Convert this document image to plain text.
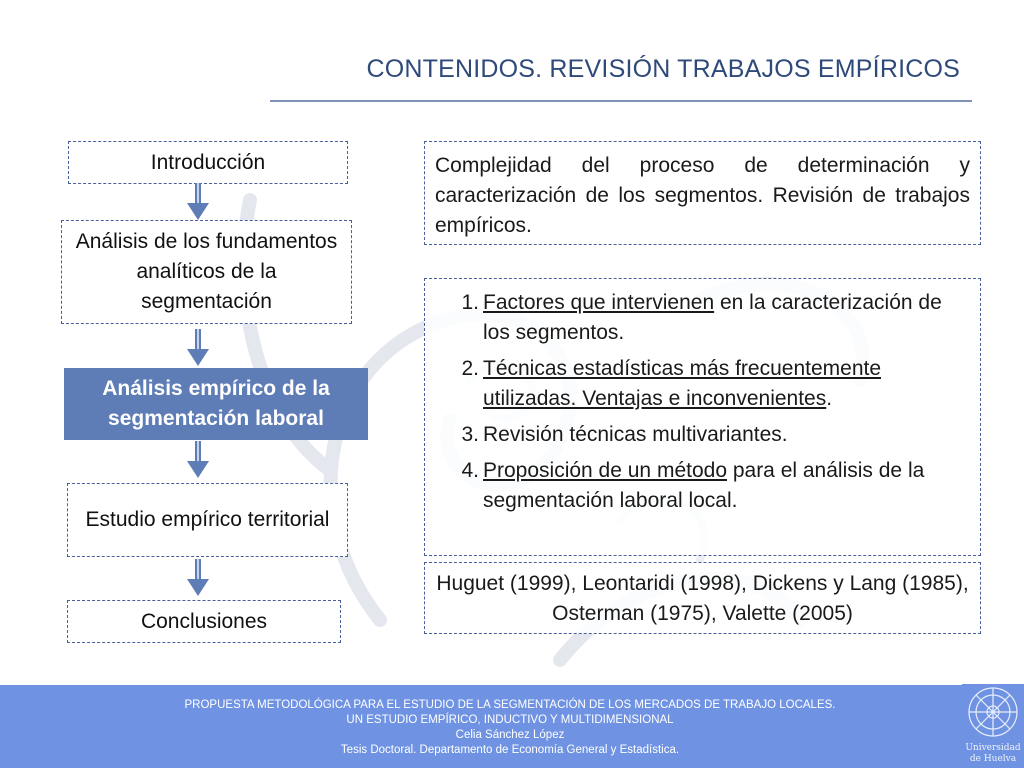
CONTENIDOS. REVISIÓN TRABAJOS EMPÍRICOS
Introducción
Análisis de los fundamentos analíticos de la segmentación
Análisis empírico de la segmentación laboral
Estudio empírico territorial
Conclusiones
Complejidad del proceso de determinación y caracterización de los segmentos. Revisión de trabajos empíricos.
1. Factores que intervienen en la caracterización de los segmentos.
2. Técnicas estadísticas más frecuentemente utilizadas. Ventajas e inconvenientes.
3. Revisión técnicas multivariantes.
4. Proposición de un método para el análisis de la segmentación laboral local.
Huguet (1999), Leontaridi (1998), Dickens y Lang (1985), Osterman (1975), Valette (2005)
PROPUESTA METODOLÓGICA PARA EL ESTUDIO DE LA SEGMENTACIÓN DE LOS MERCADOS DE TRABAJO LOCALES.
UN ESTUDIO EMPÍRICO, INDUCTIVO Y MULTIDIMENSIONAL
Celia Sánchez López
Tesis Doctoral. Departamento de Economía General y Estadística.	Universidad
de Huelva
